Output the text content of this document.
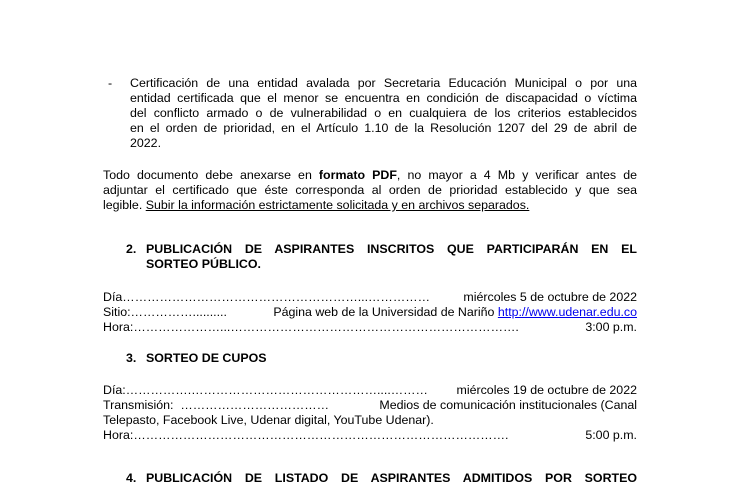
- Certificación de una entidad avalada por Secretaria Educación Municipal o por una
entidad certificada que el menor se encuentra en condición de discapacidad o víctima
del conflicto armado o de vulnerabilidad o en cualquiera de los criterios establecidos
en el orden de prioridad, en el Artículo 1.10 de la Resolución 1207 del 29 de abril de
2022.
Todo documento debe anexarse en formato PDF, no mayor a 4 Mb y verificar antes de
adjuntar el certificado que éste corresponda al orden de prioridad establecido y que sea
legible. Subir la información estrictamente solicitada y en archivos separados.
2. PUBLICACIÓN DE ASPIRANTES INSCRITOS QUE PARTICIPARÁN EN EL
SORTEO PÚBLICO.
Día …………………………………………………...……………	miércoles 5 de octubre de 2022
Sitio: ……………..........	Página web de la Universidad de Nariño http://www.udenar.edu.co
Hora: …………………...…………………………………………………………….	3:00 p.m.
3. SORTEO DE CUPOS
Día: …………….………………………………………....………	miércoles 19 de octubre de 2022
Transmisión: ………………………………	Medios de comunicación institucionales (Canal
Telepasto, Facebook Live, Udenar digital, YouTube Udenar).
Hora: ……………………………………………………………………………….	5:00 p.m.
4. PUBLICACIÓN DE LISTADO DE ASPIRANTES ADMITIDOS POR SORTEO
